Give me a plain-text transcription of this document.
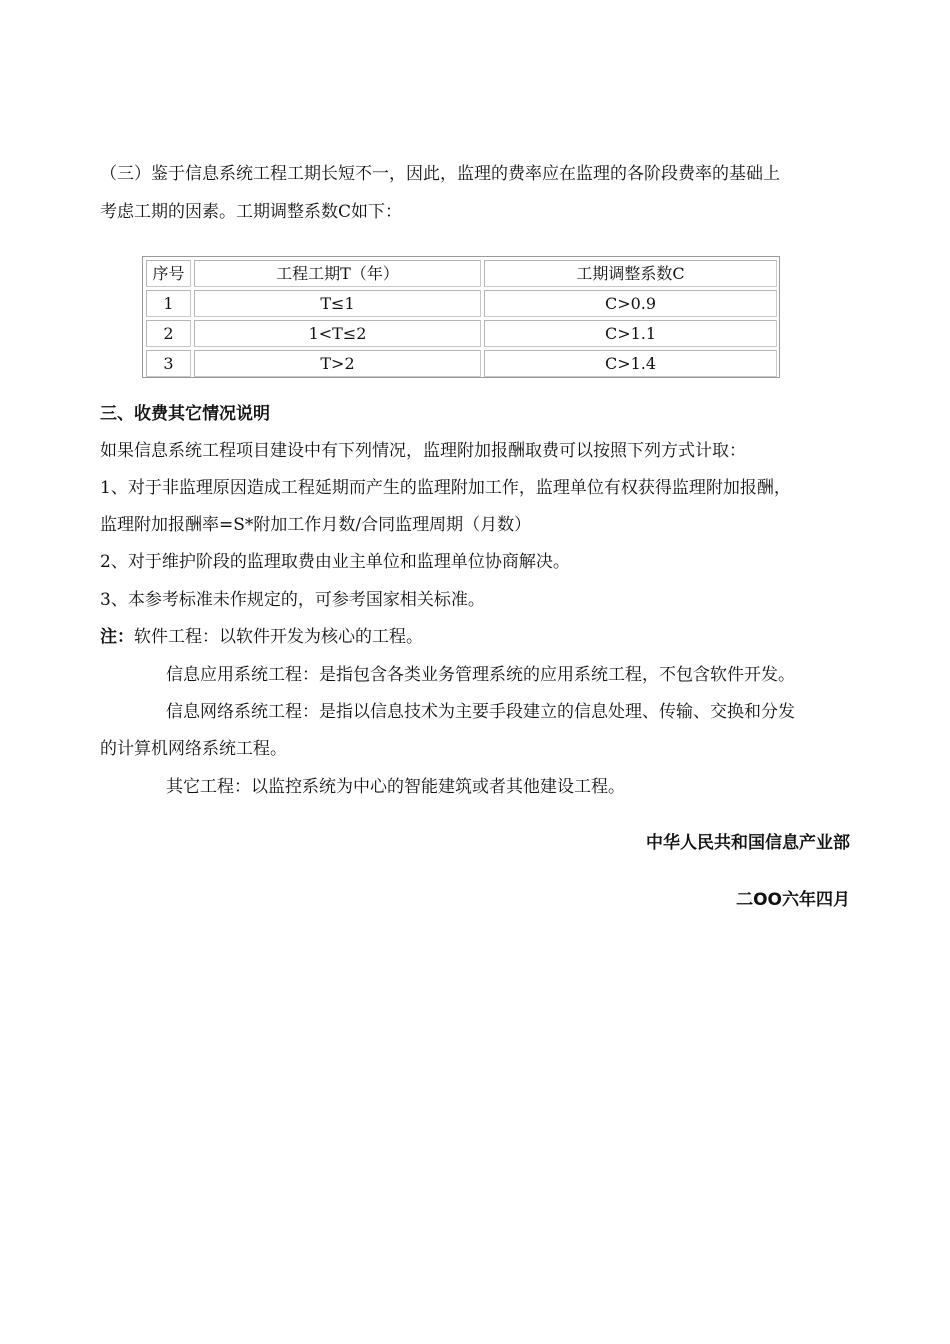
（三）鉴于信息系统工程工期长短不一，因此，监理的费率应在监理的各阶段费率的基础上
考虑工期的因素。工期调整系数C如下：
序号	工程工期T（年）	工期调整系数C
1	T≤1	C>0.9
2	1<T≤2	C>1.1
3	T>2	C>1.4
三、收费其它情况说明
如果信息系统工程项目建设中有下列情况，监理附加报酬取费可以按照下列方式计取：
1、对于非监理原因造成工程延期而产生的监理附加工作，监理单位有权获得监理附加报酬，
监理附加报酬率=S*附加工作月数/合同监理周期（月数）
2、对于维护阶段的监理取费由业主单位和监理单位协商解决。
3、本参考标准未作规定的，可参考国家相关标准。
注：软件工程：以软件开发为核心的工程。
信息应用系统工程：是指包含各类业务管理系统的应用系统工程，不包含软件开发。
信息网络系统工程：是指以信息技术为主要手段建立的信息处理、传输、交换和分发
的计算机网络系统工程。
其它工程：以监控系统为中心的智能建筑或者其他建设工程。
中华人民共和国信息产业部
二OO六年四月
